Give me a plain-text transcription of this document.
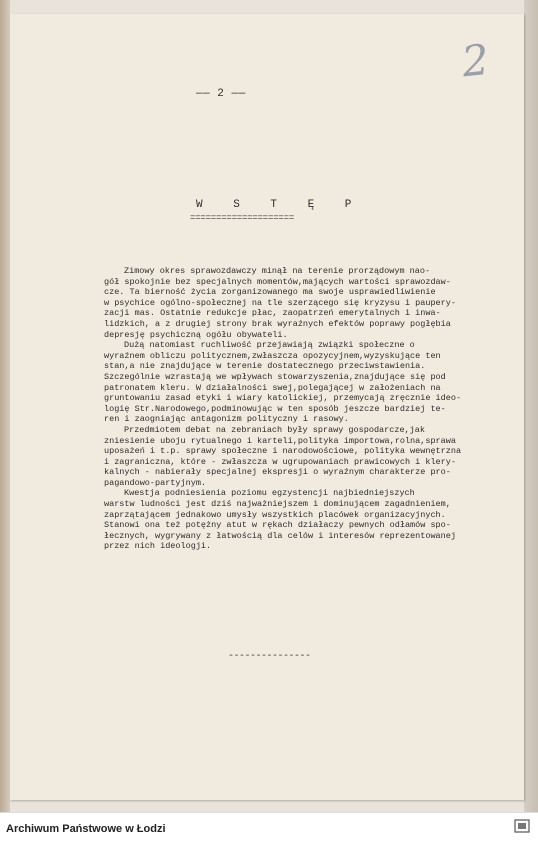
—— 2 ——
2
W S T Ę P
====================
Zimowy okres sprawozdawczy minął na terenie prorządowym nao-
gół spokojnie bez specjalnych momentów,mających wartości sprawozdaw-
cze. Ta bierność życia zorganizowanego ma swoje usprawiedliwienie
w psychice ogólno-społecznej na tle szerzącego się kryzysu i paupery-
zacji mas. Ostatnie redukcje płac, zaopatrzeń emerytalnych i inwa-
lidzkich, a z drugiej strony brak wyraźnych efektów poprawy pogłębia
depresję psychiczną ogółu obywateli.
Dużą natomiast ruchliwość przejawiają związki społeczne o
wyraźnem obliczu politycznem,zwłaszcza opozycyjnem,wyzyskujące ten
stan,a nie znajdujące w terenie dostatecznego przeciwstawienia.
Szczególnie wzrastają we wpływach stowarzyszenia,znajdujące się pod
patronatem kleru. W działalności swej,polegającej w założeniach na
gruntowaniu zasad etyki i wiary katolickiej, przemycają zręcznie ideo-
logię Str.Narodowego,podminowując w ten sposób jeszcze bardziej te-
ren i zaogniając antagonizm polityczny i rasowy.
Przedmiotem debat na zebraniach były sprawy gospodarcze,jak
zniesienie uboju rytualnego i karteli,polityka importowa,rolna,sprawa
uposażeń i t.p. sprawy społeczne i narodowościowe, polityka wewnętrzna
i zagraniczna, które - zwłaszcza w ugrupowaniach prawicowych i klery-
kalnych - nabierały specjalnej ekspresji o wyraźnym charakterze pro-
pagandowo-partyjnym.
Kwestja podniesienia poziomu egzystencji najbiedniejszych
warstw ludności jest dziś najważniejszem i dominującem zagadnieniem,
zaprzątającem jednakowo umysły wszystkich placówek organizacyjnych.
Stanowi ona też potężny atut w rękach działaczy pewnych odłamów spo-
łecznych, wygrywany z łatwością dla celów i interesów reprezentowanej
przez nich ideologji.
---------------
Archiwum Państwowe w Łodzi
